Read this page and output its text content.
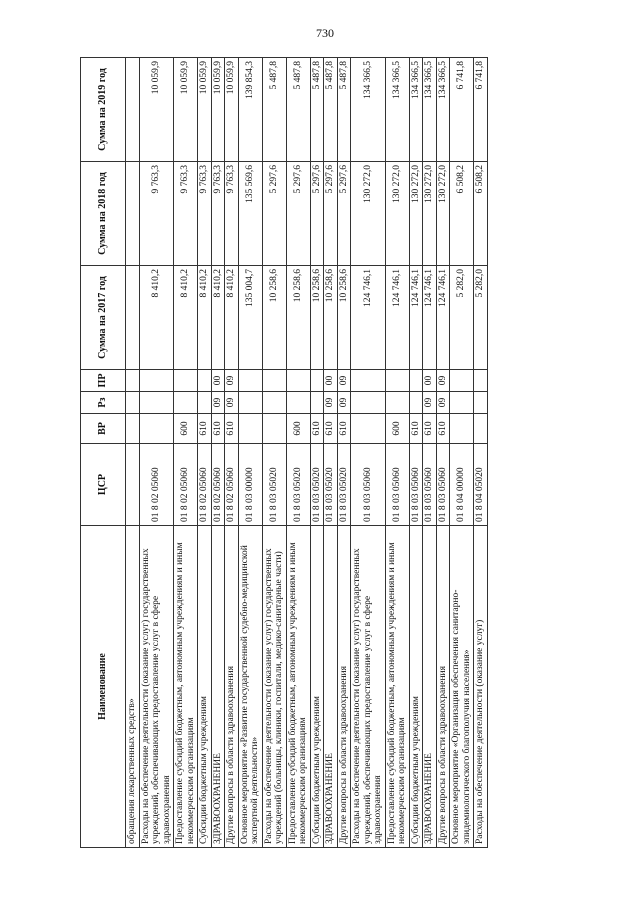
730
Наименование	ЦСР	ВР	Рз	ПР	Сумма на 2017 год	Сумма на 2018 год	Сумма на 2019 год
обращения лекарственных средств»							
Расходы на обеспечение деятельности (оказание услуг) государственных учреждений, обеспечивающих предоставление услуг в сфере здравоохранения	01 8 02 05060				8 410,2	9 763,3	10 059,9
Предоставление субсидий бюджетным, автономным учреждениям и иным некоммерческим организациям	01 8 02 05060	600			8 410,2	9 763,3	10 059,9
Субсидии бюджетным учреждениям	01 8 02 05060	610			8 410,2	9 763,3	10 059,9
ЗДРАВООХРАНЕНИЕ	01 8 02 05060	610	09	00	8 410,2	9 763,3	10 059,9
Другие вопросы в области здравоохранения	01 8 02 05060	610	09	09	8 410,2	9 763,3	10 059,9
Основное мероприятие «Развитие государственной судебно-медицинской экспертной деятельности»	01 8 03 00000				135 004,7	135 569,6	139 854,3
Расходы на обеспечение деятельности (оказание услуг) государственных учреждений (больницы, клиники, госпитали, медико-санитарные части)	01 8 03 05020				10 258,6	5 297,6	5 487,8
Предоставление субсидий бюджетным, автономным учреждениям и иным некоммерческим организациям	01 8 03 05020	600			10 258,6	5 297,6	5 487,8
Субсидии бюджетным учреждениям	01 8 03 05020	610			10 258,6	5 297,6	5 487,8
ЗДРАВООХРАНЕНИЕ	01 8 03 05020	610	09	00	10 258,6	5 297,6	5 487,8
Другие вопросы в области здравоохранения	01 8 03 05020	610	09	09	10 258,6	5 297,6	5 487,8
Расходы на обеспечение деятельности (оказание услуг) государственных учреждений, обеспечивающих предоставление услуг в сфере здравоохранения	01 8 03 05060				124 746,1	130 272,0	134 366,5
Предоставление субсидий бюджетным, автономным учреждениям и иным некоммерческим организациям	01 8 03 05060	600			124 746,1	130 272,0	134 366,5
Субсидии бюджетным учреждениям	01 8 03 05060	610			124 746,1	130 272,0	134 366,5
ЗДРАВООХРАНЕНИЕ	01 8 03 05060	610	09	00	124 746,1	130 272,0	134 366,5
Другие вопросы в области здравоохранения	01 8 03 05060	610	09	09	124 746,1	130 272,0	134 366,5
Основное мероприятие «Организация обеспечения санитарно-эпидемиологического благополучия населения»	01 8 04 00000				5 282,0	6 508,2	6 741,8
Расходы на обеспечение деятельности (оказание услуг)	01 8 04 05020				5 282,0	6 508,2	6 741,8
